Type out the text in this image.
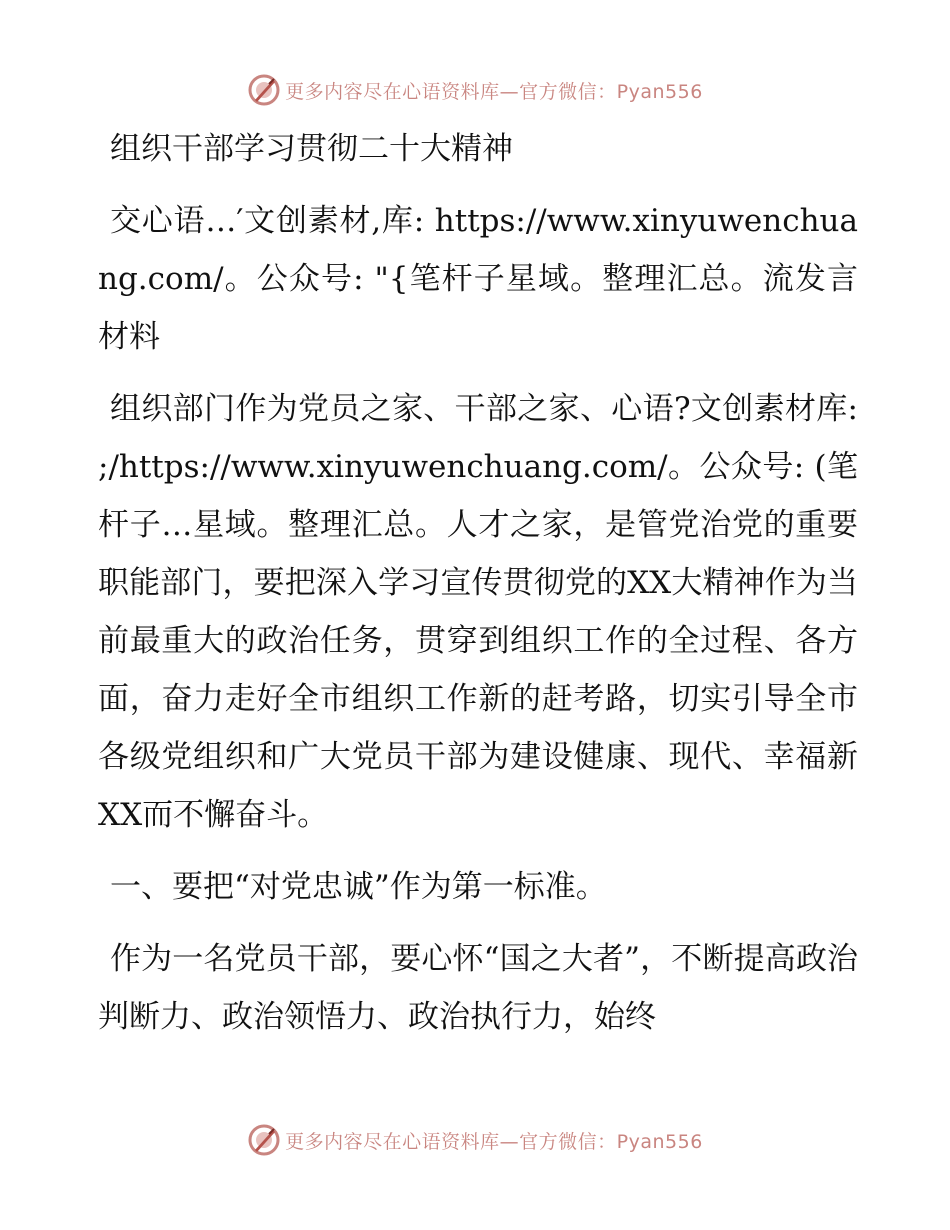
更多内容尽在心语资料库—官方微信：Pyan556
组织干部学习贯彻二十大精神
交心语…′文创素材,库: https://www.xinyuwenchuang.com/。公众号: "{笔杆子星域。整理汇总。流发言材料
组织部门作为党员之家、干部之家、心语?文创素材库: ;/https://www.xinyuwenchuang.com/。公众号: (笔杆子…星域。整理汇总。人才之家，是管党治党的重要职能部门，要把深入学习宣传贯彻党的XX大精神作为当前最重大的政治任务，贯穿到组织工作的全过程、各方面，奋力走好全市组织工作新的赶考路，切实引导全市各级党组织和广大党员干部为建设健康、现代、幸福新XX而不懈奋斗。
一、要把“对党忠诚”作为第一标准。
作为一名党员干部，要心怀“国之大者”，不断提高政治判断力、政治领悟力、政治执行力，始终
更多内容尽在心语资料库—官方微信：Pyan556
